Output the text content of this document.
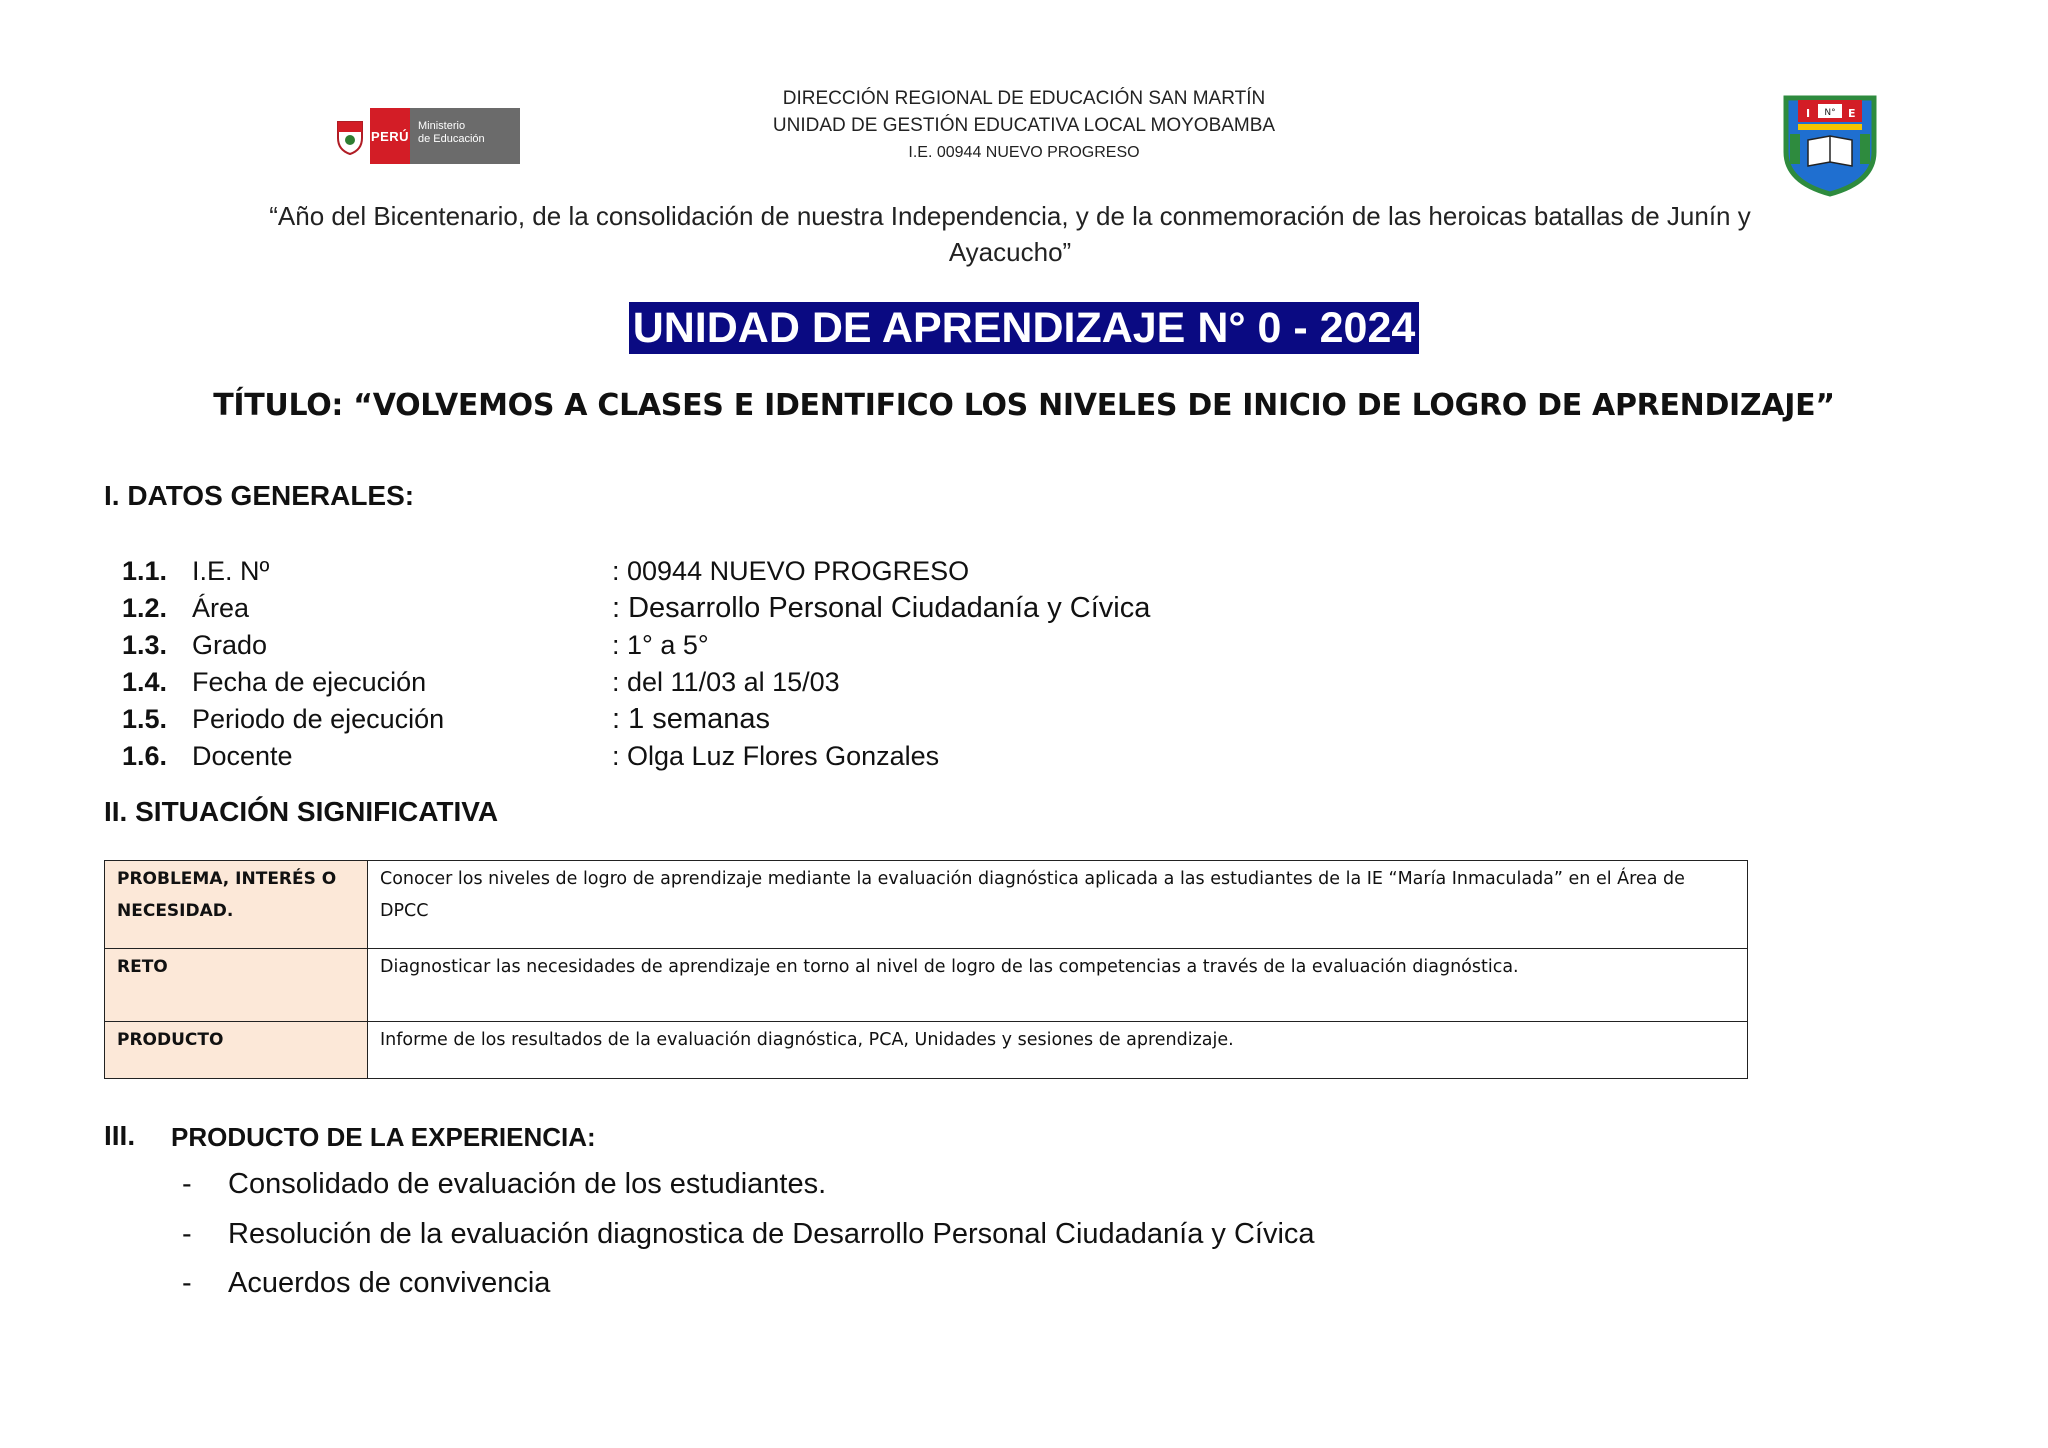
PERÚ
Ministerio
de Educación
DIRECCIÓN REGIONAL DE EDUCACIÓN SAN MARTÍN
UNIDAD DE GESTIÓN EDUCATIVA LOCAL MOYOBAMBA
I.E. 00944 NUEVO PROGRESO
N°
I	E
“Año del Bicentenario, de la consolidación de nuestra Independencia, y de la conmemoración de las heroicas batallas de Junín y
Ayacucho”
UNIDAD DE APRENDIZAJE N° 0 - 2024
TÍTULO: “VOLVEMOS A CLASES E IDENTIFICO LOS NIVELES DE INICIO DE LOGRO DE APRENDIZAJE”
I. DATOS GENERALES:
1.1. I.E. Nº	: 00944 NUEVO PROGRESO
1.2. Área	: Desarrollo Personal Ciudadanía y Cívica
1.3. Grado	: 1° a 5°
1.4. Fecha de ejecución	: del 11/03 al 15/03
1.5. Periodo de ejecución	: 1 semanas
1.6. Docente	: Olga Luz Flores Gonzales
II. SITUACIÓN SIGNIFICATIVA
PROBLEMA, INTERÉS O NECESIDAD.	Conocer los niveles de logro de aprendizaje mediante la evaluación diagnóstica aplicada a las estudiantes de la IE “María Inmaculada” en el Área de DPCC
RETO	Diagnosticar las necesidades de aprendizaje en torno al nivel de logro de las competencias a través de la evaluación diagnóstica.
PRODUCTO	Informe de los resultados de la evaluación diagnóstica, PCA, Unidades y sesiones de aprendizaje.
III. PRODUCTO DE LA EXPERIENCIA:
-	Consolidado de evaluación de los estudiantes.
-	Resolución de la evaluación diagnostica de Desarrollo Personal Ciudadanía y Cívica
-	Acuerdos de convivencia
